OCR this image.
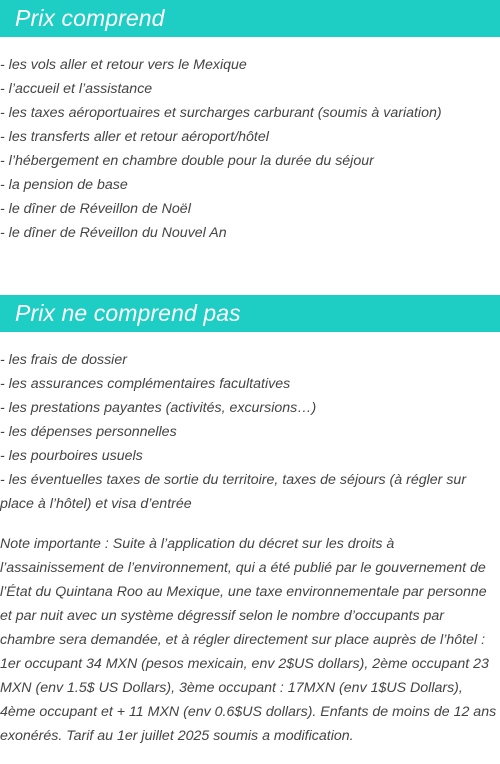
Prix comprend
- les vols aller et retour vers le Mexique
- l’accueil et l’assistance
- les taxes aéroportuaires et surcharges carburant (soumis à variation)
- les transferts aller et retour aéroport/hôtel
- l’hébergement en chambre double pour la durée du séjour
- la pension de base
- le dîner de Réveillon de Noël
- le dîner de Réveillon du Nouvel An
Prix ne comprend pas
- les frais de dossier
- les assurances complémentaires facultatives
- les prestations payantes (activités, excursions…)
- les dépenses personnelles
- les pourboires usuels
- les éventuelles taxes de sortie du territoire, taxes de séjours (à régler sur place à l’hôtel) et visa d’entrée

Note importante : Suite à l’application du décret sur les droits à l’assainissement de l’environnement, qui a été publié par le gouvernement de l’État du Quintana Roo au Mexique, une taxe environnementale par personne et par nuit avec un système dégressif selon le nombre d’occupants par chambre sera demandée, et à régler directement sur place auprès de l’hôtel : 1er occupant 34 MXN (pesos mexicain, env 2$US dollars), 2ème occupant 23 MXN (env 1.5$ US Dollars), 3ème occupant : 17MXN (env 1$US Dollars), 4ème occupant et + 11 MXN (env 0.6$US dollars). Enfants de moins de 12 ans exonérés. Tarif au 1er juillet 2025 soumis a modification.
